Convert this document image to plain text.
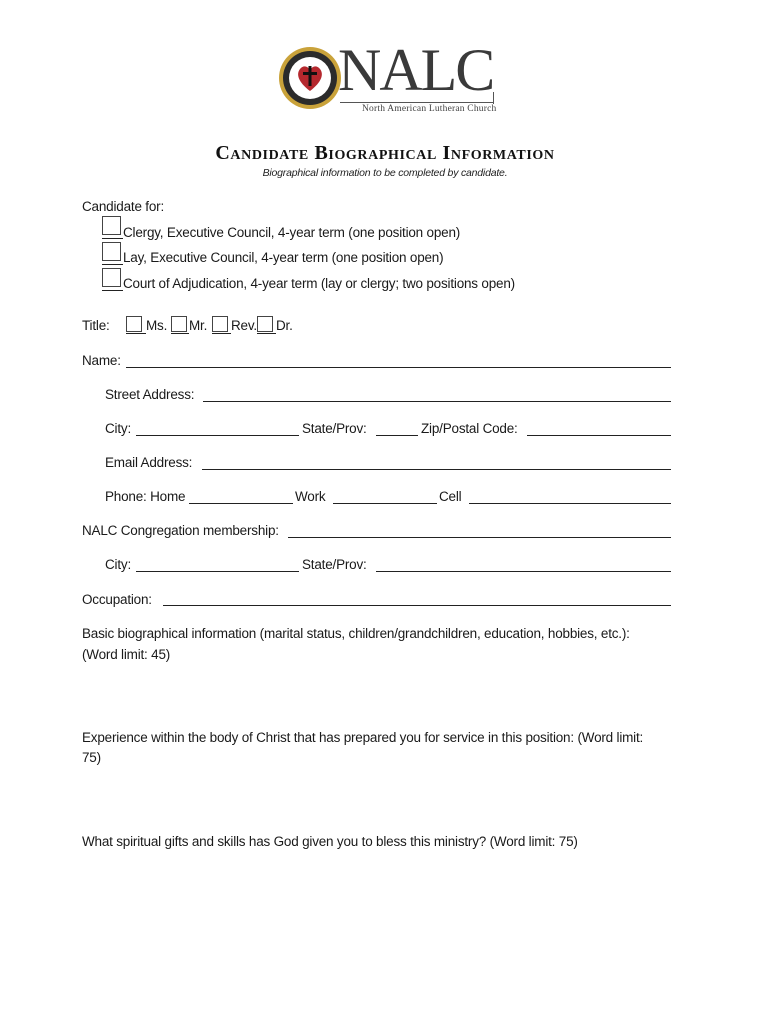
NALC
North American Lutheran Church
Candidate Biographical Information
Biographical information to be completed by candidate.
Candidate for:
Clergy, Executive Council, 4-year term (one position open)
Lay, Executive Council, 4-year term (one position open)
Court of Adjudication, 4-year term (lay or clergy; two positions open)
Title:	Ms. Mr. Rev. Dr.
Name:
Street Address:
City:	State/Prov:	Zip/Postal Code:
Email Address:
Phone: Home	Work	Cell
NALC Congregation membership:
City:	State/Prov:
Occupation:
Basic biographical information (marital status, children/grandchildren, education, hobbies, etc.):
(Word limit: 45)
Experience within the body of Christ that has prepared you for service in this position: (Word limit:
75)
What spiritual gifts and skills has God given you to bless this ministry? (Word limit: 75)
